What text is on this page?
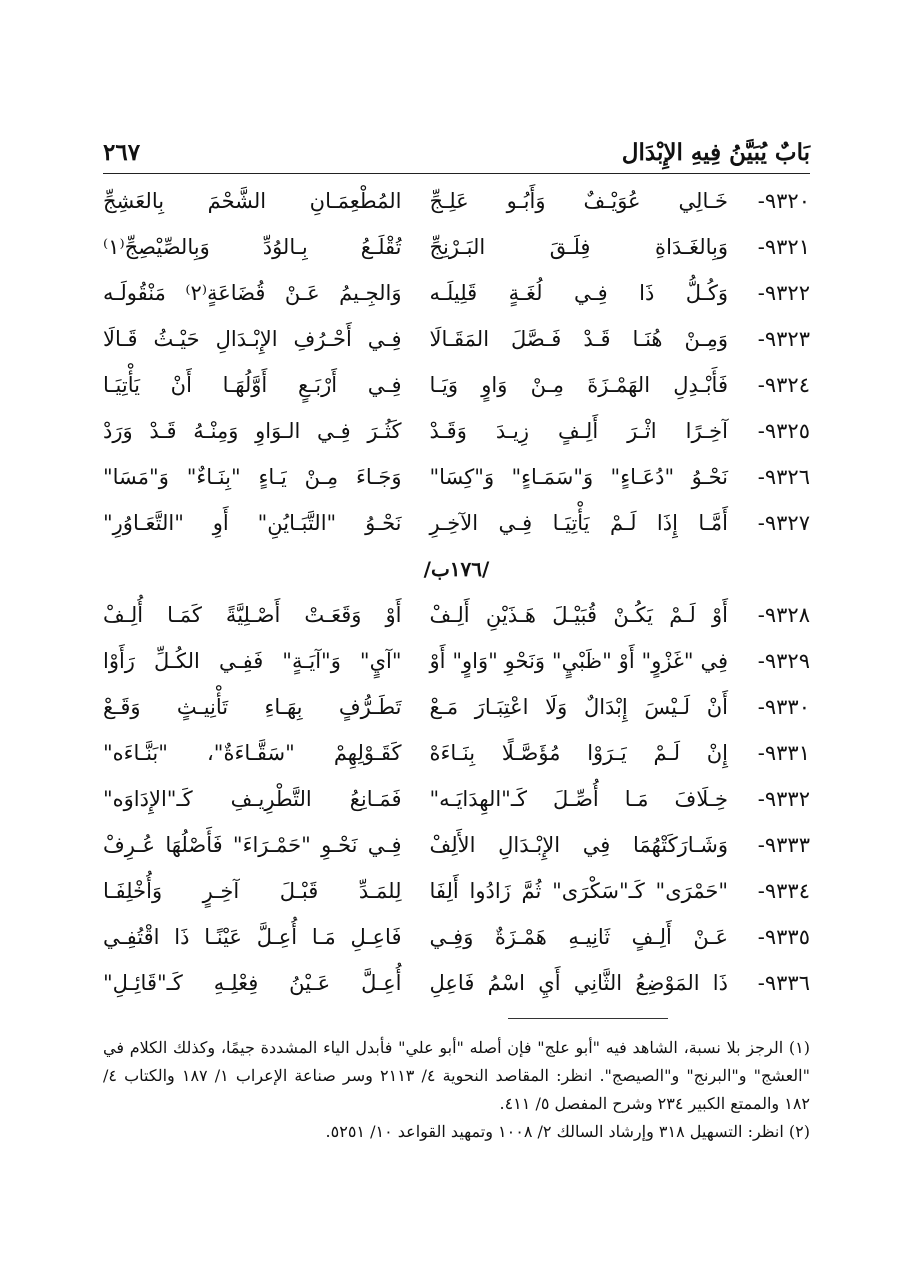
بَابٌ يُبَيَّنُ فِيهِ الإِبْدَال
٢٦٧
٩٣٢٠-
خَـالِي عُوَيْـفٌ وَأَبُـو عَلِـجِّ
المُطْعِمَـانِ الشَّحْمَ بِالعَشِجِّ
٩٣٢١-
وَبِالغَـدَاةِ فِلَـقَ البَـرْنِجِّ
تُقْلَـعُ بِـالوُدِّ وَبِالصِّيْصِجِّ⁽١⁾
٩٣٢٢-
وَكُـلُّ ذَا فِـي لُغَـةٍ قَلِيلَـه
وَالجِـيمُ عَـنْ قُضَاعَةٍ⁽٢⁾ مَنْقُولَـه
٩٣٢٣-
وَمِـنْ هُنَـا قَـدْ فَـصَّلَ المَقَـالَا
فِـي أَحْـرُفِ الإِبْـدَالِ حَيْـثُ قَـالَا
٩٣٢٤-
فَأَبْـدِلِ الهَمْـزَةَ مِـنْ وَاوٍ وَيَـا
فِـي أَرْبَـعٍ أَوَّلُهَـا أَنْ يَأْتِيَـا
٩٣٢٥-
آخِـرًا اثْـرَ أَلِـفٍ زِيـدَ وَقَـدْ
كَثُـرَ فِـي الـوَاوِ وَمِنْـهُ قَـدْ وَرَدْ
٩٣٢٦-
نَحْـوُ "دُعَـاءٍ" وَ"سَمَـاءٍ" وَ"كِسَا"
وَجَـاءَ مِـنْ يَـاءٍ "بِنَـاءٌ" وَ"مَسَا"
٩٣٢٧-
أَمَّـا إِذَا لَـمْ يَأْتِيَـا فِـي الآخِـرِ
نَحْـوُ "التَّبَـايُنِ" أَوِ "التَّعَـاوُرِ"
/١٧٦ب/
٩٣٢٨-
أَوْ لَـمْ يَكُـنْ قُبَيْـلَ هَـذَيْنِ أَلِـفْ
أَوْ وَقَعَـتْ أَصْـلِيَّةً كَمَـا أُلِـفْ
٩٣٢٩-
فِي "غَزْوٍ" أَوْ "ظَبْيٍ" وَنَحْوِ "وَاوٍ" أَوْ
"آيٍ" وَ"آيَـةٍ" فَفِـي الكُـلِّ رَأَوْا
٩٣٣٠-
أَنْ لَـيْسَ إِبْدَالٌ وَلَا اعْتِبَـارَ مَـعْ
تَطَـرُّفٍ بِهَـاءِ تَأْنِيـثٍ وَقَـعْ
٩٣٣١-
إِنْ لَـمْ يَـرَوْا مُؤَصَّـلًا بِنَـاءَهْ
كَقَـوْلِهِمْ "سَقَّـاءَةٌ"، "بَنَّـاءَه"
٩٣٣٢-
خِـلَافَ مَـا أُصِّـلَ كَـ"الهِدَايَـه"
فَمَـانِعُ التَّطْرِيـفِ كَـ"الإِدَاوَه"
٩٣٣٣-
وَشَـارَكَتْهُمَا فِي الإِبْـدَالِ الأَلِفْ
فِـي نَحْـوِ "حَمْـرَاءَ" فَأَصْلُهَا عُـرِفْ
٩٣٣٤-
"حَمْرَى" كَـ"سَكْرَى" ثُمَّ زَادُوا أَلِفَا
لِلمَـدِّ قَبْـلَ آخِـرٍ وَأُخْلِفَـا
٩٣٣٥-
عَـنْ أَلِـفٍ ثَانِيـهِ هَمْـزَةٌ وَفِـي
فَاعِـلِ مَـا أُعِـلَّ عَيْنًـا ذَا اقْتُفِـي
٩٣٣٦-
ذَا المَوْضِعُ الثَّانِي أَيِ اسْمُ فَاعِلِ
أُعِـلَّ عَـيْنُ فِعْلِـهِ كَـ"قَائِـلِ"

(١) الرجز بلا نسبة، الشاهد فيه "أبو علج" فإن أصله "أبو علي" فأبدل الياء المشددة جيمًا، وكذلك الكلام في "العشج" و"البرنج" و"الصيصج". انظر: المقاصد النحوية ٤/ ٢١١٣ وسر صناعة الإعراب ١/ ١٨٧ والكتاب ٤/ ١٨٢ والممتع الكبير ٢٣٤ وشرح المفصل ٥/ ٤١١.

(٢) انظر: التسهيل ٣١٨ وإرشاد السالك ٢/ ١٠٠٨ وتمهيد القواعد ١٠/ ٥٢٥١.
